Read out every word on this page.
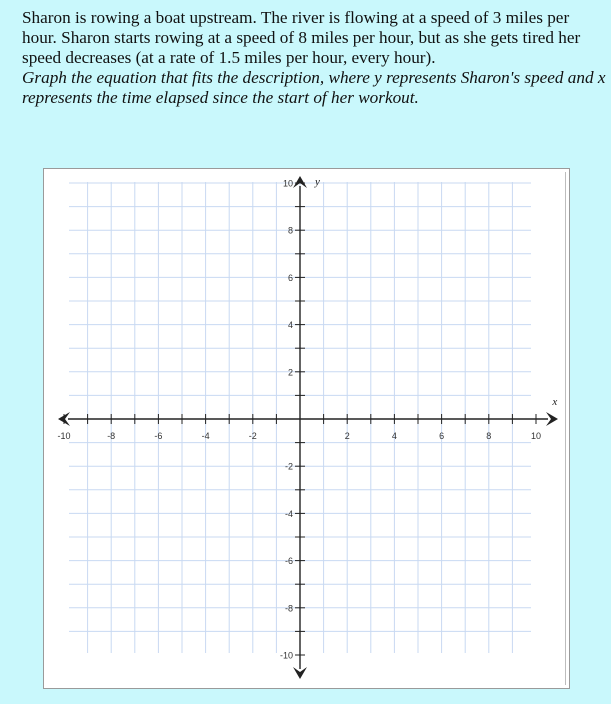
Sharon is rowing a boat upstream. The river is flowing at a speed of 3 miles per hour. Sharon starts rowing at a speed of 8 miles per hour, but as she gets tired her speed decreases (at a rate of 1.5 miles per hour, every hour).

Graph the equation that fits the description, where y represents Sharon's speed and x represents the time elapsed since the start of her workout.

-10	-8	-6	-4	-2	2	4	6	8	10
10
8
6
4
2
-2
-4
-6
-8
-10
x
y
